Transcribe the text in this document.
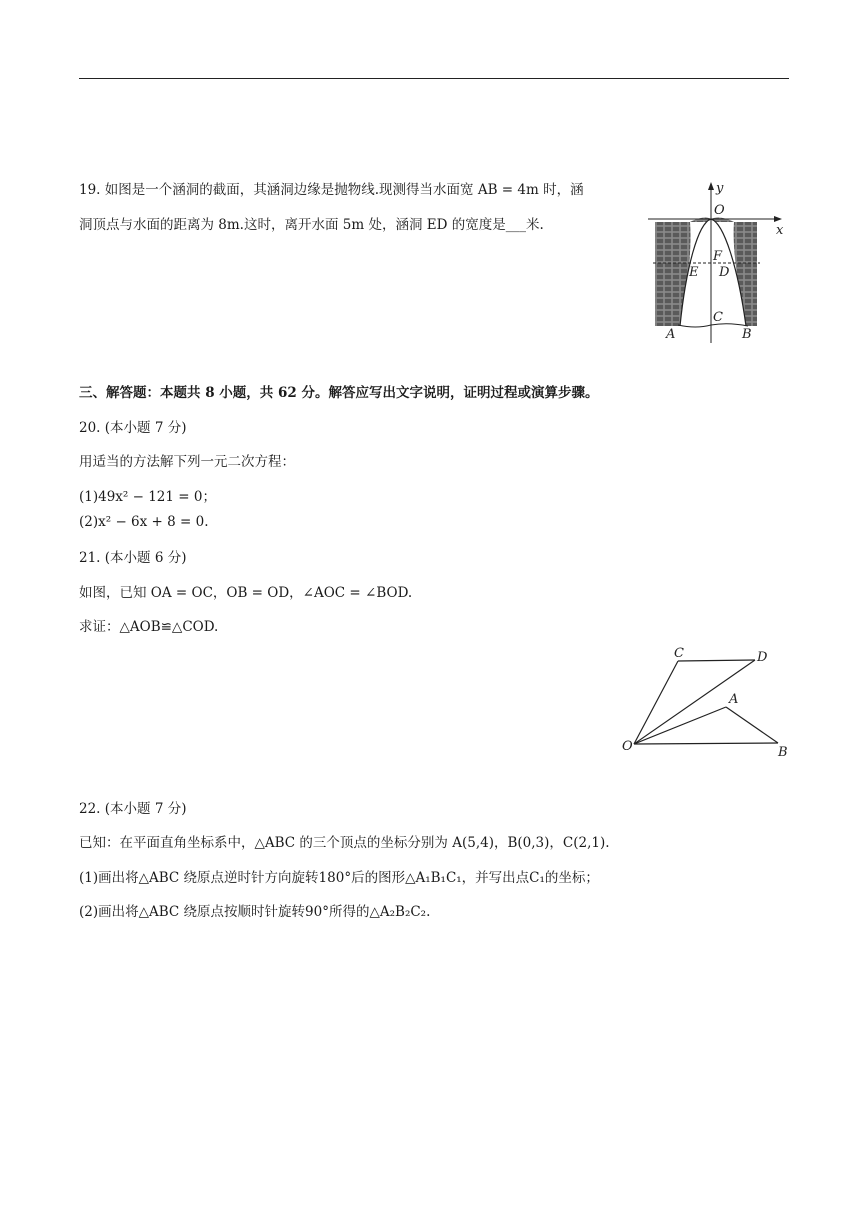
19. 如图是一个涵洞的截面，其涵洞边缘是抛物线.现测得当水面宽 AB = 4m 时，涵
洞顶点与水面的距离为 8m.这时，离开水面 5m 处，涵洞 ED 的宽度是___米.
y
x
O
F
E D
C
A	B
三、解答题：本题共 8 小题，共 62 分。解答应写出文字说明，证明过程或演算步骤。
20. (本小题 7 分)
用适当的方法解下列一元二次方程：
(1)49x² − 121 = 0；
(2)x² − 6x + 8 = 0.
21. (本小题 6 分)
如图，已知 OA = OC，OB = OD，∠AOC = ∠BOD.
求证：△AOB≌△COD.
C	D
A
O	B
22. (本小题 7 分)
已知：在平面直角坐标系中，△ABC 的三个顶点的坐标分别为 A(5,4)，B(0,3)，C(2,1).
(1)画出将△ABC 绕原点逆时针方向旋转180°后的图形△A₁B₁C₁，并写出点C₁的坐标；
(2)画出将△ABC 绕原点按顺时针旋转90°所得的△A₂B₂C₂.
